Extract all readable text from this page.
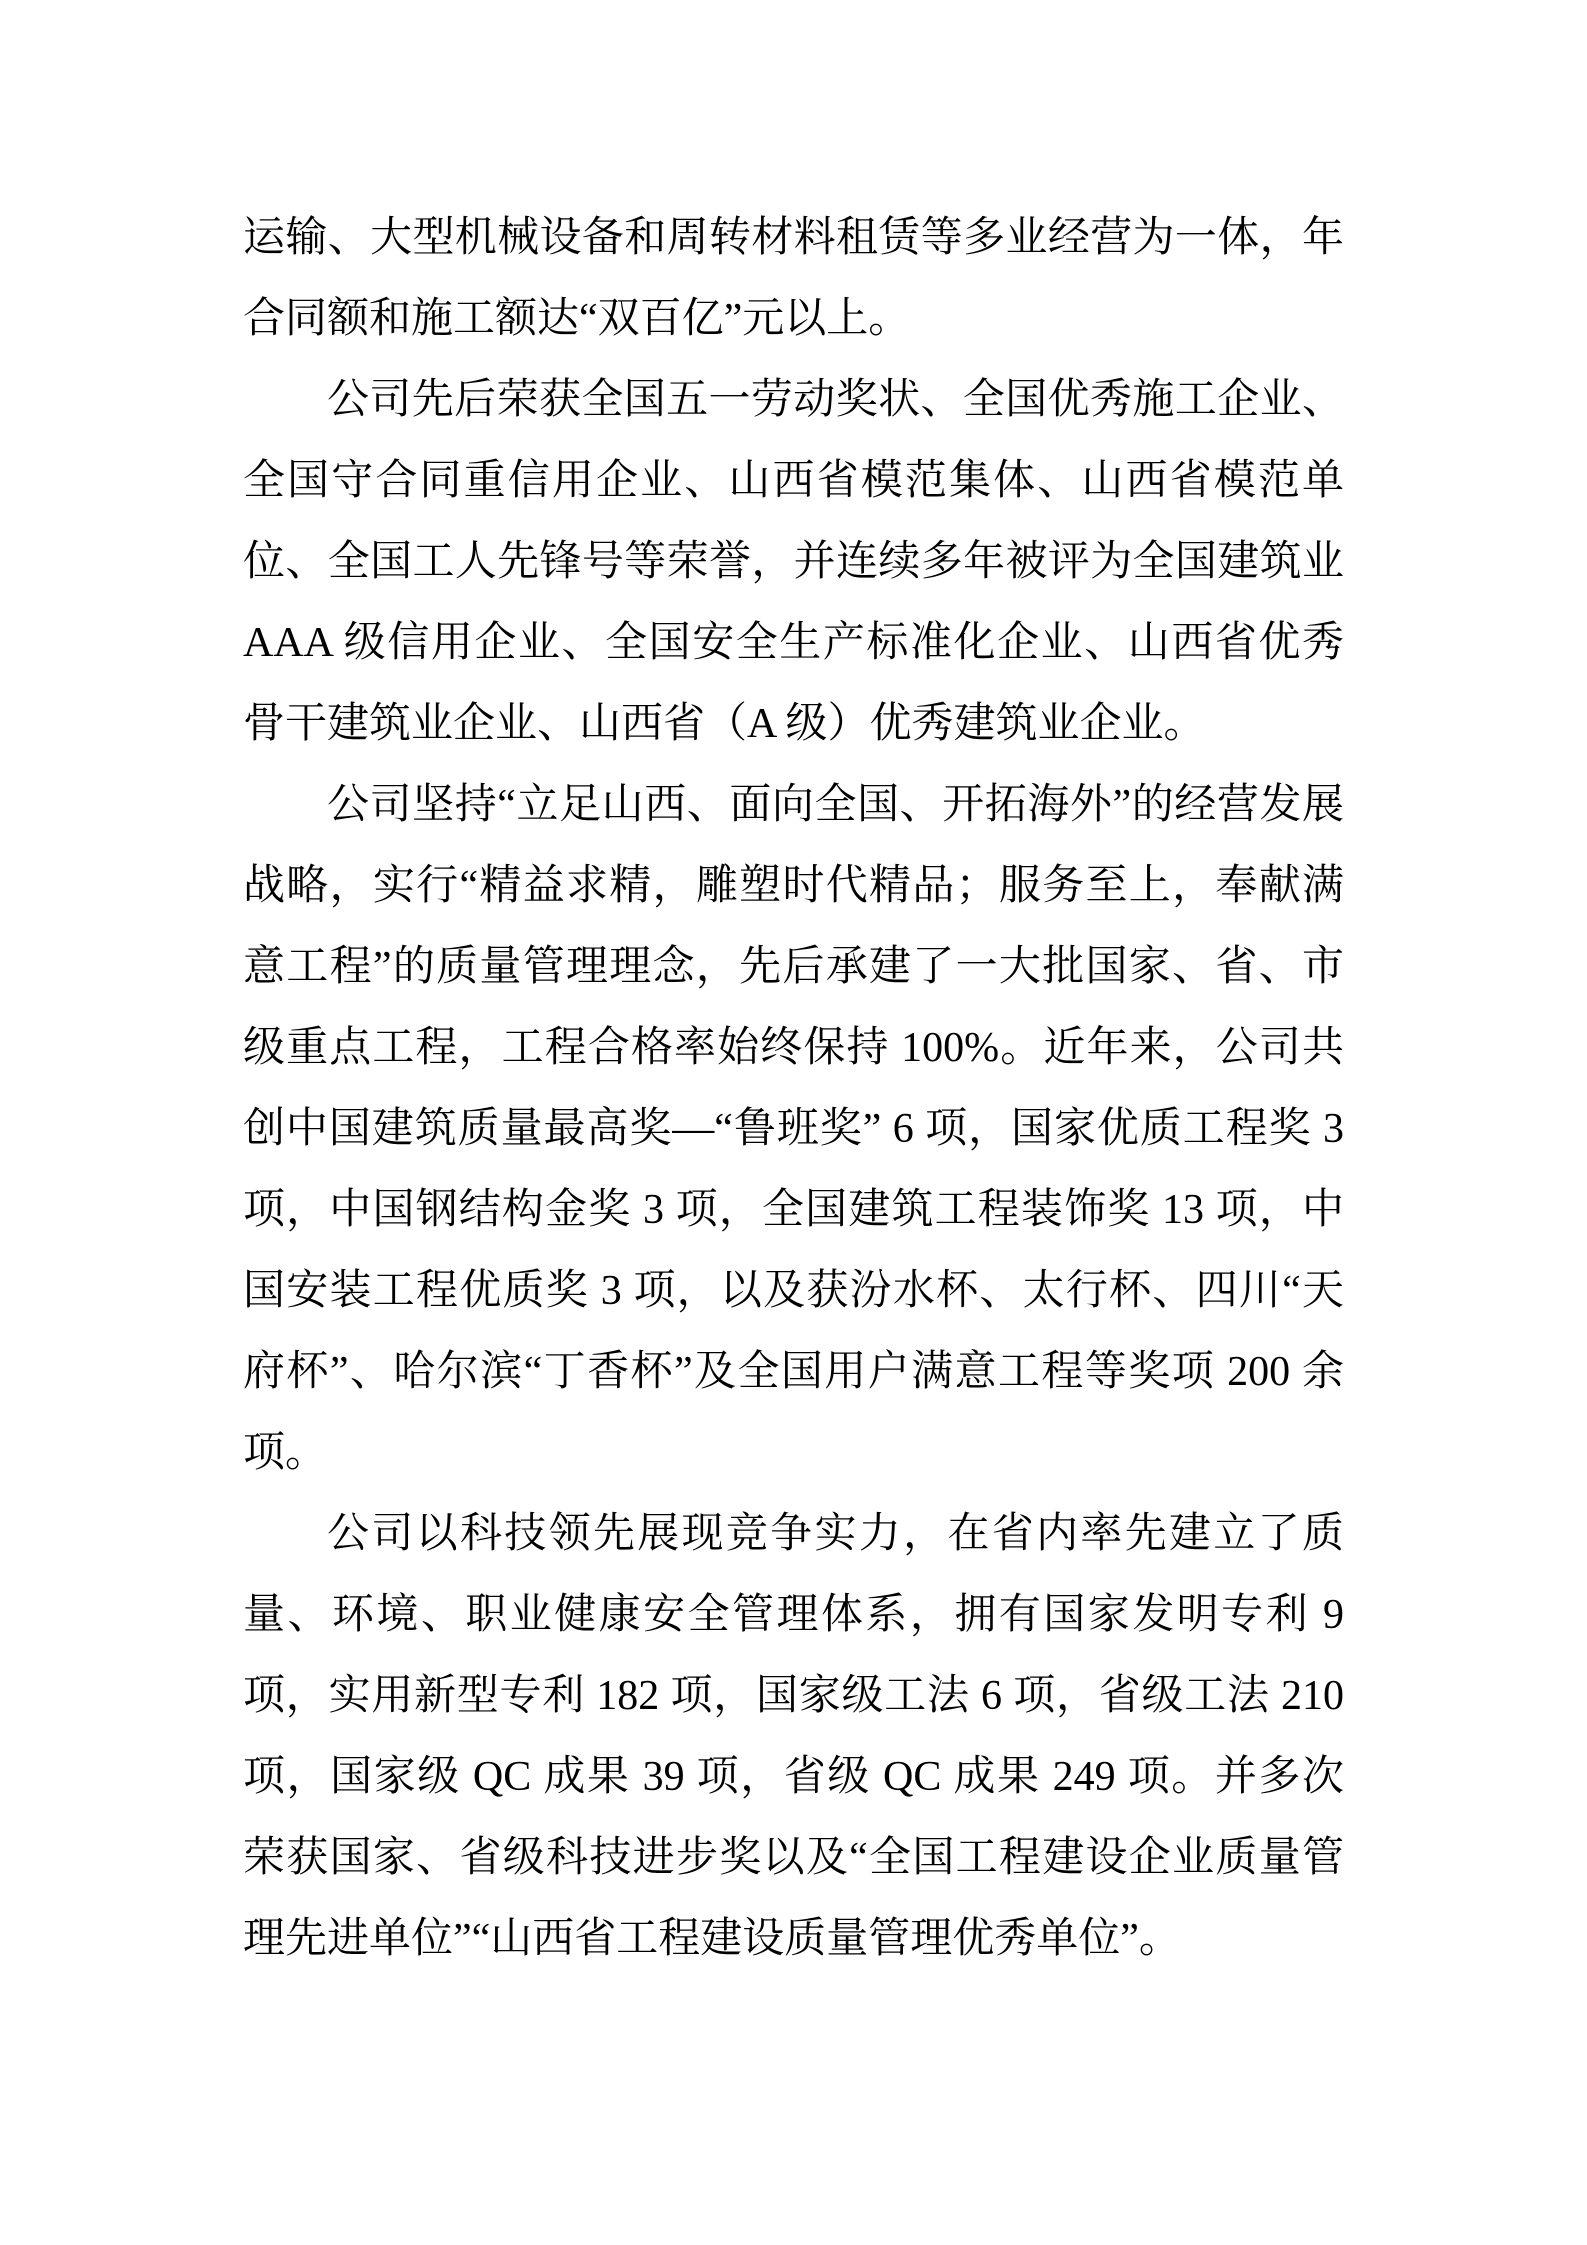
运输、大型机械设备和周转材料租赁等多业经营为一体，年合同额和施工额达“双百亿”元以上。

公司先后荣获全国五一劳动奖状、全国优秀施工企业、全国守合同重信用企业、山西省模范集体、山西省模范单位、全国工人先锋号等荣誉，并连续多年被评为全国建筑业 AAA 级信用企业、全国安全生产标准化企业、山西省优秀骨干建筑业企业、山西省（A 级）优秀建筑业企业。

公司坚持“立足山西、面向全国、开拓海外”的经营发展战略，实行“精益求精，雕塑时代精品；服务至上，奉献满意工程”的质量管理理念，先后承建了一大批国家、省、市级重点工程，工程合格率始终保持 100%。近年来，公司共创中国建筑质量最高奖—“鲁班奖” 6 项，国家优质工程奖 3 项，中国钢结构金奖 3 项，全国建筑工程装饰奖 13 项，中国安装工程优质奖 3 项，以及获汾水杯、太行杯、四川“天府杯”、哈尔滨“丁香杯”及全国用户满意工程等奖项 200 余项。

公司以科技领先展现竞争实力，在省内率先建立了质量、环境、职业健康安全管理体系，拥有国家发明专利 9 项，实用新型专利 182 项，国家级工法 6 项，省级工法 210 项，国家级 QC 成果 39 项，省级 QC 成果 249 项。并多次荣获国家、省级科技进步奖以及“全国工程建设企业质量管理先进单位”“山西省工程建设质量管理优秀单位”。
